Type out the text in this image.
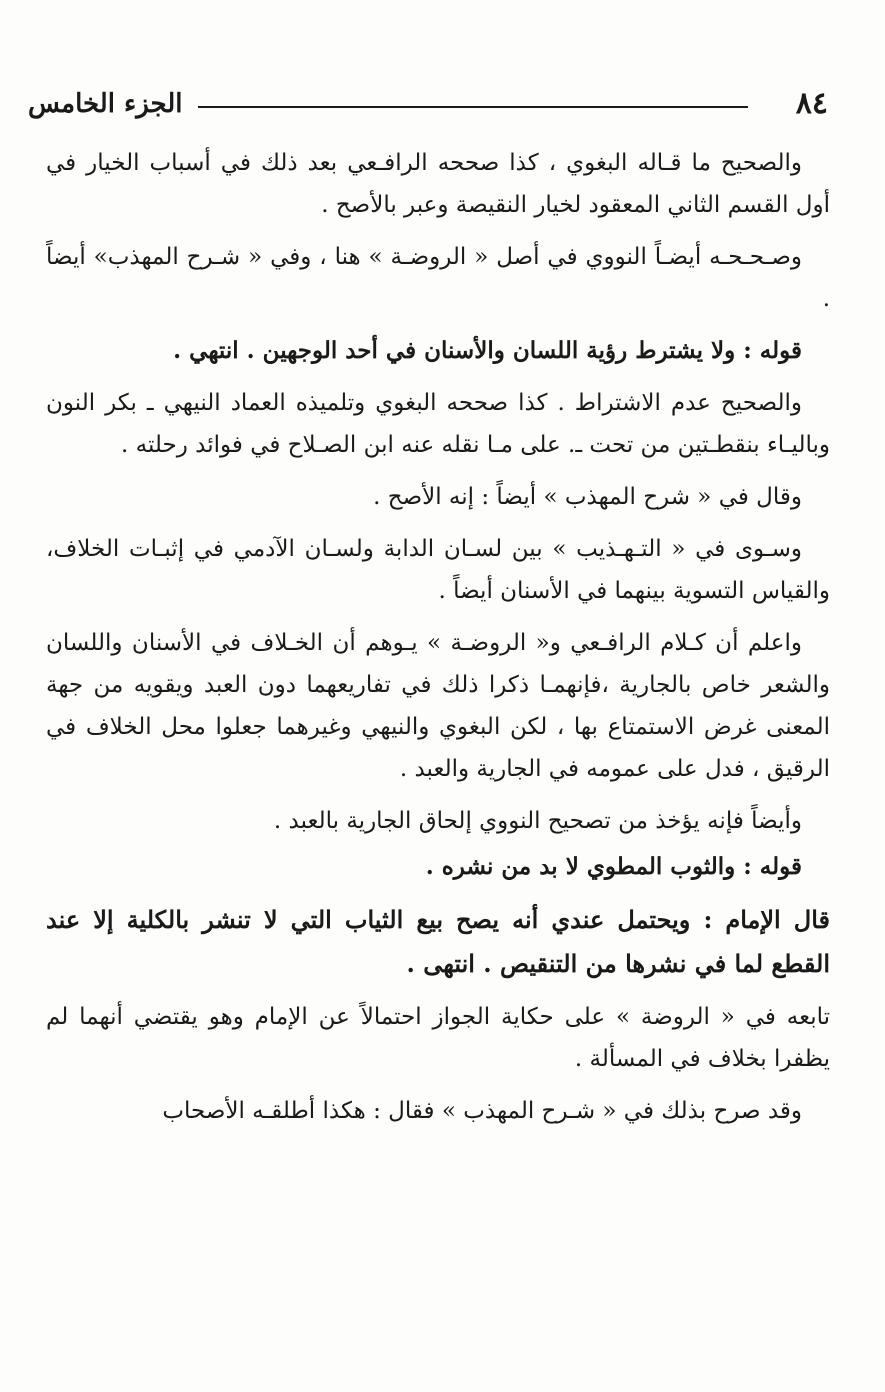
٨٤
الجزء الخامس

والصحيح ما قـاله البغوي ، كذا صححه الرافـعي بعد ذلك في أسباب الخيار في أول القسم الثاني المعقود لخيار النقيصة وعبر بالأصح .

وصـحـحـه أيضـاً النووي في أصل « الروضـة » هنا ، وفي « شـرح المهذب» أيضاً .

قوله : ولا يشترط رؤية اللسان والأسنان في أحد الوجهين . انتهي .

والصحيح عدم الاشتراط . كذا صححه البغوي وتلميذه العماد النيهي ـ بكر النون وباليـاء بنقطـتين من تحت ـ. على مـا نقله عنه ابن الصـلاح في فوائد رحلته .

وقال في « شرح المهذب » أيضاً : إنه الأصح .

وسـوى في « التـهـذيب » بين لسـان الدابة ولسـان الآدمي في إثبـات الخلاف، والقياس التسوية بينهما في الأسنان أيضاً .

واعلم أن كـلام الرافـعي و« الروضـة » يـوهم أن الخـلاف في الأسنان واللسان والشعر خاص بالجارية ،فإنهمـا ذكرا ذلك في تفاريعهما دون العبد ويقويه من جهة المعنى غرض الاستمتاع بها ، لكن البغوي والنيهي وغيرهما جعلوا محل الخلاف في الرقيق ، فدل على عمومه في الجارية والعبد .

وأيضاً فإنه يؤخذ من تصحيح النووي إلحاق الجارية بالعبد .

قوله : والثوب المطوي لا بد من نشره .

قال الإمام : ويحتمل عندي أنه يصح بيع الثياب التي لا تنشر بالكلية إلا عند القطع لما في نشرها من التنقيص . انتهى .

تابعه في « الروضة » على حكاية الجواز احتمالاً عن الإمام وهو يقتضي أنهما لم يظفرا بخلاف في المسألة .

وقد صرح بذلك في « شـرح المهذب » فقال : هكذا أطلقـه الأصحاب
